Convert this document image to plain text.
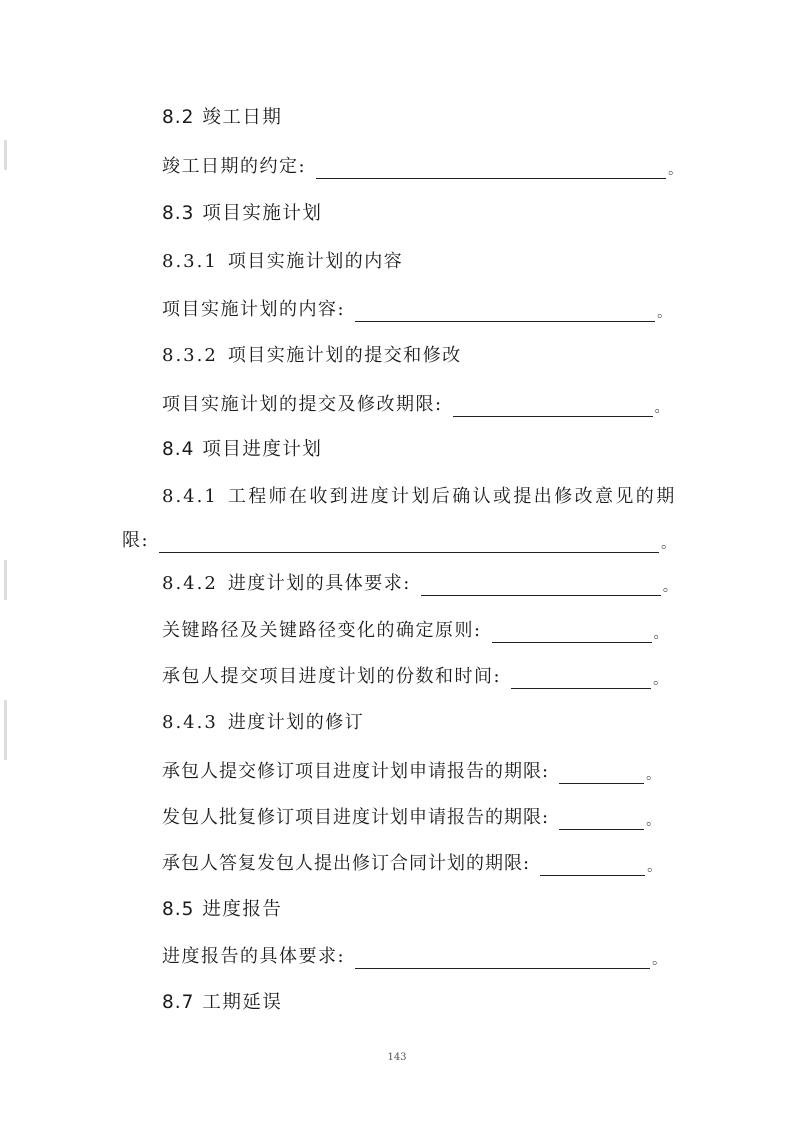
8.2 竣工日期
竣工日期的约定:	。
8.3 项目实施计划
8.3.1 项目实施计划的内容
项目实施计划的内容:	。
8.3.2 项目实施计划的提交和修改
项目实施计划的提交及修改期限:	。
8.4 项目进度计划
8.4.1 工程师在收到进度计划后确认或提出修改意见的期
限:	。
8.4.2 进度计划的具体要求:	。
关键路径及关键路径变化的确定原则:	。
承包人提交项目进度计划的份数和时间:	。
8.4.3 进度计划的修订
承包人提交修订项目进度计划申请报告的期限:	。
发包人批复修订项目进度计划申请报告的期限:	。
承包人答复发包人提出修订合同计划的期限:	。
8.5 进度报告
进度报告的具体要求:	。
8.7 工期延误
143
